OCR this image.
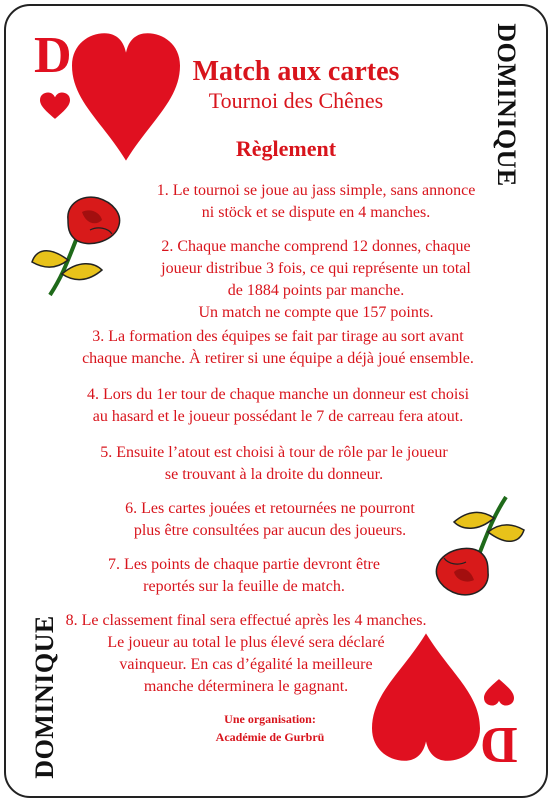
D
D
DOMINIQUE
DOMINIQUE
Match aux cartes
Tournoi des Chênes
Règlement
1. Le tournoi se joue au jass simple, sans annonce
ni stöck et se dispute en 4 manches.
2. Chaque manche comprend 12 donnes, chaque
joueur distribue 3 fois, ce qui représente un total
de 1884 points par manche.
Un match ne compte que 157 points.
3. La formation des équipes se fait par tirage au sort avant
chaque manche. À retirer si une équipe a déjà joué ensemble.
4. Lors du 1er tour de chaque manche un donneur est choisi
au hasard et le joueur possédant le 7 de carreau fera atout.
5. Ensuite l’atout est choisi à tour de rôle par le joueur
se trouvant à la droite du donneur.
6. Les cartes jouées et retournées ne pourront
plus être consultées par aucun des joueurs.
7. Les points de chaque partie devront être
reportés sur la feuille de match.
8. Le classement final sera effectué après les 4 manches.
Le joueur au total le plus élevé sera déclaré
vainqueur. En cas d’égalité la meilleure
manche déterminera le gagnant.
Une organisation:
Académie de Gurbrü
